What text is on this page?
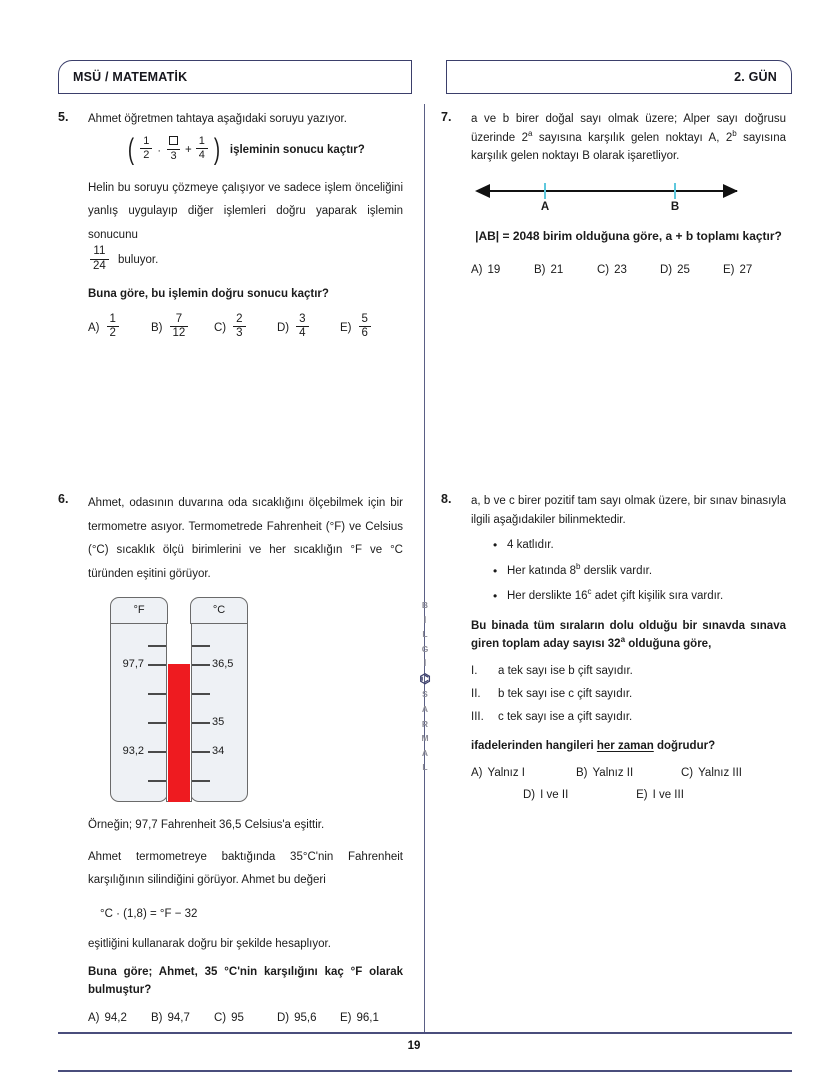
MSÜ / MATEMATİK	2. GÜN
B
İ
L
G
İ
⌬
S
A
R
M
A
L
5. Ahmet öğretmen tahtaya aşağıdaki soruyu yazıyor.

( $\frac{1}{2} \cdot 3 + \frac{1}{4}$ ) işleminin sonucu kaçtır?

Helin bu soruyu çözmeye çalışıyor ve sadece işlem önceliğini yanlış uygulayıp diğer işlemleri doğru yaparak işlemin sonucunu

$\frac{11}{24}$ buluyor.

Buna göre, bu işlemin doğru sonucu kaçtır?

$A) \frac{1}{2}$	$B) \frac{7}{12} C) \frac{2}{3}$	$D) \frac{3}{4}$	$E) \frac{5}{6}$
6. Ahmet, odasının duvarına oda sıcaklığını ölçebilmek için bir termometre asıyor. Termometrede Fahrenheit (°F) ve Celsius (°C) sıcaklık ölçü birimlerini ve her sıcaklığın °F ve °C türünden eşitini görüyor.

°F	°C
97,7	36,5
35
93,2	34

Örneğin; 97,7 Fahrenheit 36,5 Celsius'a eşittir.

Ahmet termometreye baktığında 35°C'nin Fahrenheit karşılığının silindiğini görüyor. Ahmet bu değeri

°C · (1,8) = °F − 32

eşitliğini kullanarak doğru bir şekilde hesaplıyor.

Buna göre; Ahmet, 35 °C'nin karşılığını kaç °F olarak bulmuştur?

A) 94,2 B) 94,7 C) 95	D) 95,6 E) 96,1
7. a ve b birer doğal sayı olmak üzere; Alper sayı doğrusu üzerinde 2$^a$ sayısına karşılık gelen noktayı A, 2$^b$ sayısına karşılık gelen noktayı B olarak işaretliyor.

A	B

|AB| = 2048 birim olduğuna göre, a + b toplamı kaçtır?

A) 19	B) 21	C) 23	D) 25	E) 27
8. a, b ve c birer pozitif tam sayı olmak üzere, bir sınav binasıyla ilgili aşağıdakiler bilinmektedir.

• 4 katlıdır.
• Her katında 8$^b$ derslik vardır.
• Her derslikte 16$^c$ adet çift kişilik sıra vardır.

Bu binada tüm sıraların dolu olduğu bir sınavda sınava giren toplam aday sayısı 32$^a$ olduğuna göre,

I.	a tek sayı ise b çift sayıdır.
II.	b tek sayı ise c çift sayıdır.
III.	c tek sayı ise a çift sayıdır.

ifadelerinden hangileri her zaman doğrudur?

A) Yalnız I	B) Yalnız II	C) Yalnız III
D) I ve II	E) I ve III
19
